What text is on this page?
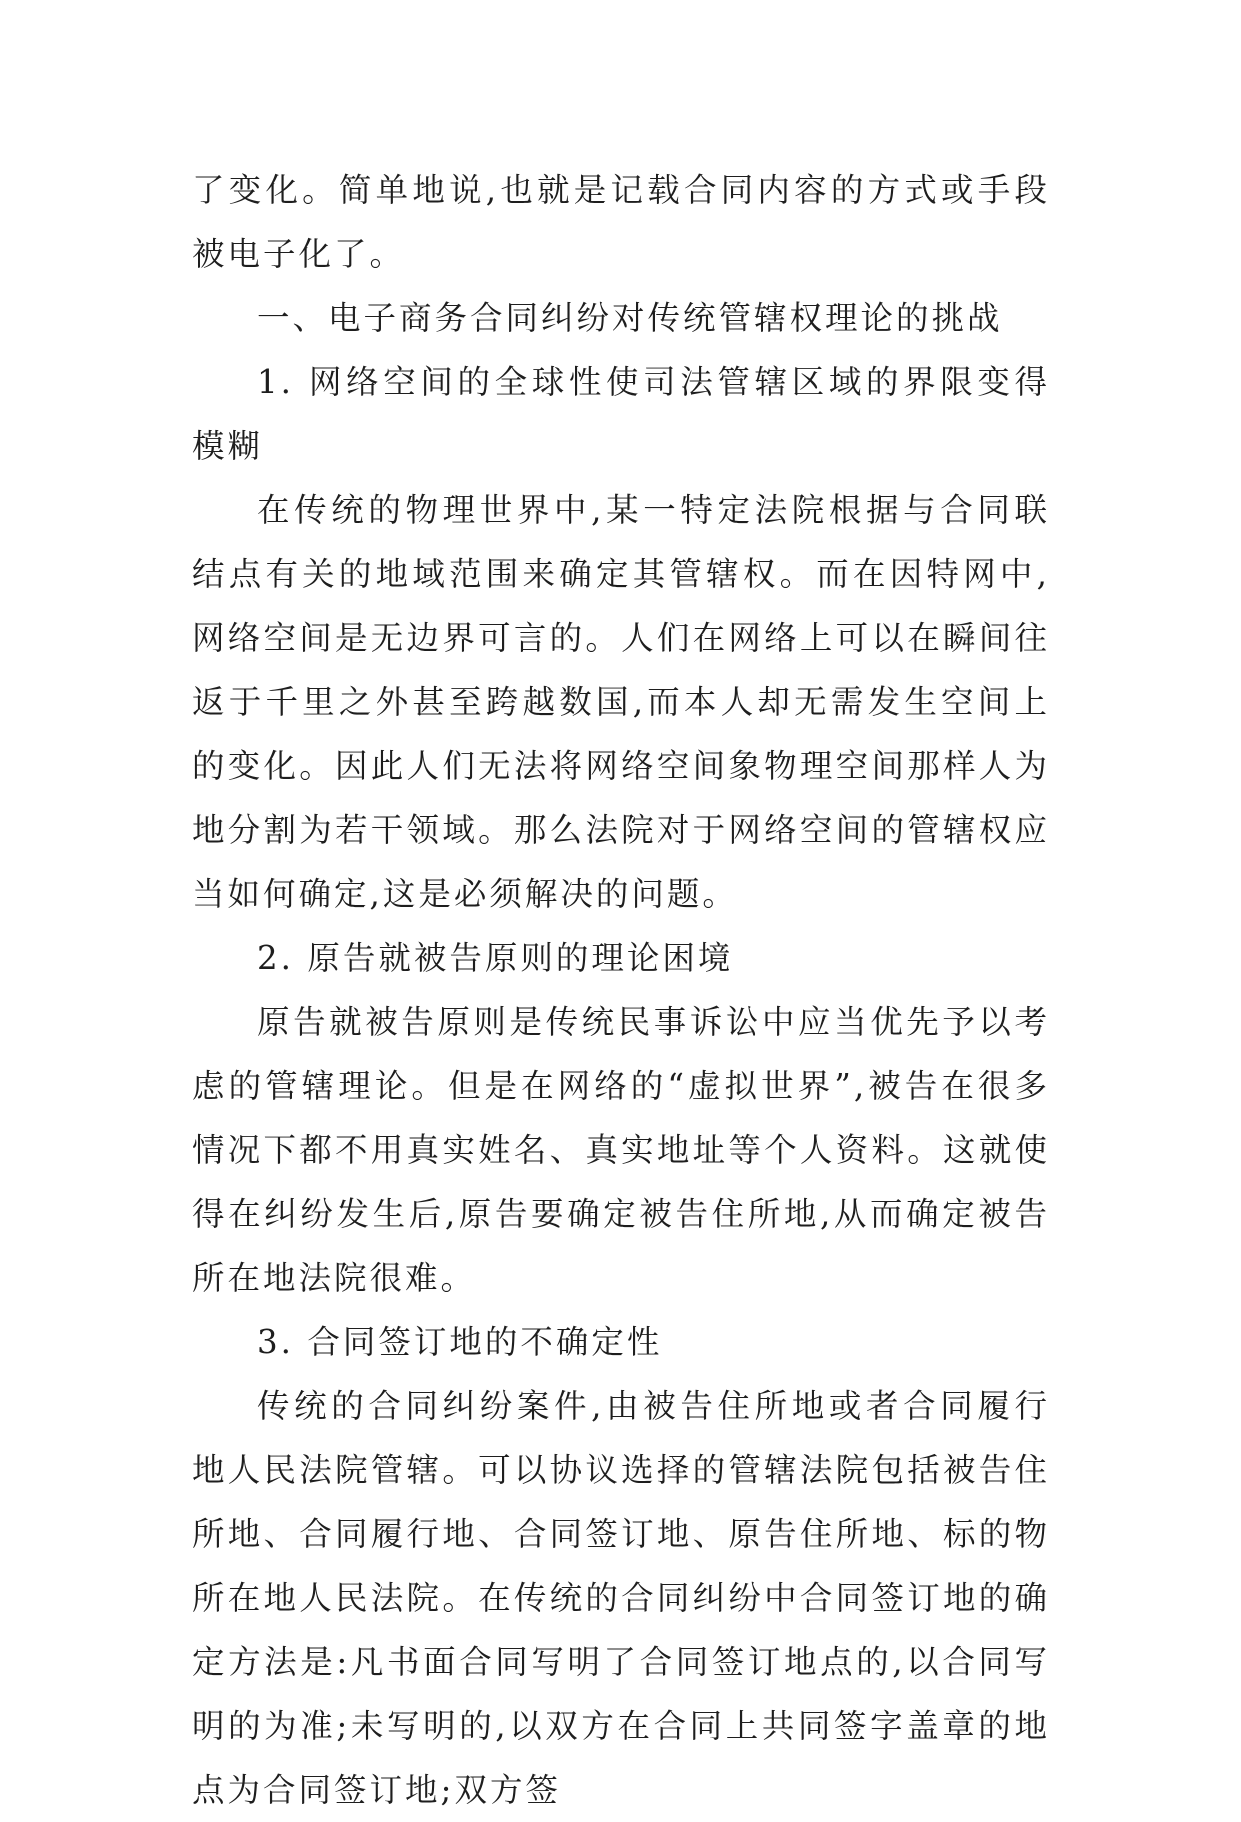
了变化。简单地说,也就是记载合同内容的方式或手段被电子化了。

一、电子商务合同纠纷对传统管辖权理论的挑战

1. 网络空间的全球性使司法管辖区域的界限变得模糊

在传统的物理世界中,某一特定法院根据与合同联结点有关的地域范围来确定其管辖权。而在因特网中,网络空间是无边界可言的。人们在网络上可以在瞬间往返于千里之外甚至跨越数国,而本人却无需发生空间上的变化。因此人们无法将网络空间象物理空间那样人为地分割为若干领域。那么法院对于网络空间的管辖权应当如何确定,这是必须解决的问题。

2. 原告就被告原则的理论困境

原告就被告原则是传统民事诉讼中应当优先予以考虑的管辖理论。但是在网络的“虚拟世界”,被告在很多情况下都不用真实姓名、真实地址等个人资料。这就使得在纠纷发生后,原告要确定被告住所地,从而确定被告所在地法院很难。

3. 合同签订地的不确定性

传统的合同纠纷案件,由被告住所地或者合同履行地人民法院管辖。可以协议选择的管辖法院包括被告住所地、合同履行地、合同签订地、原告住所地、标的物所在地人民法院。在传统的合同纠纷中合同签订地的确定方法是:凡书面合同写明了合同签订地点的,以合同写明的为准;未写明的,以双方在合同上共同签字盖章的地点为合同签订地;双方签
